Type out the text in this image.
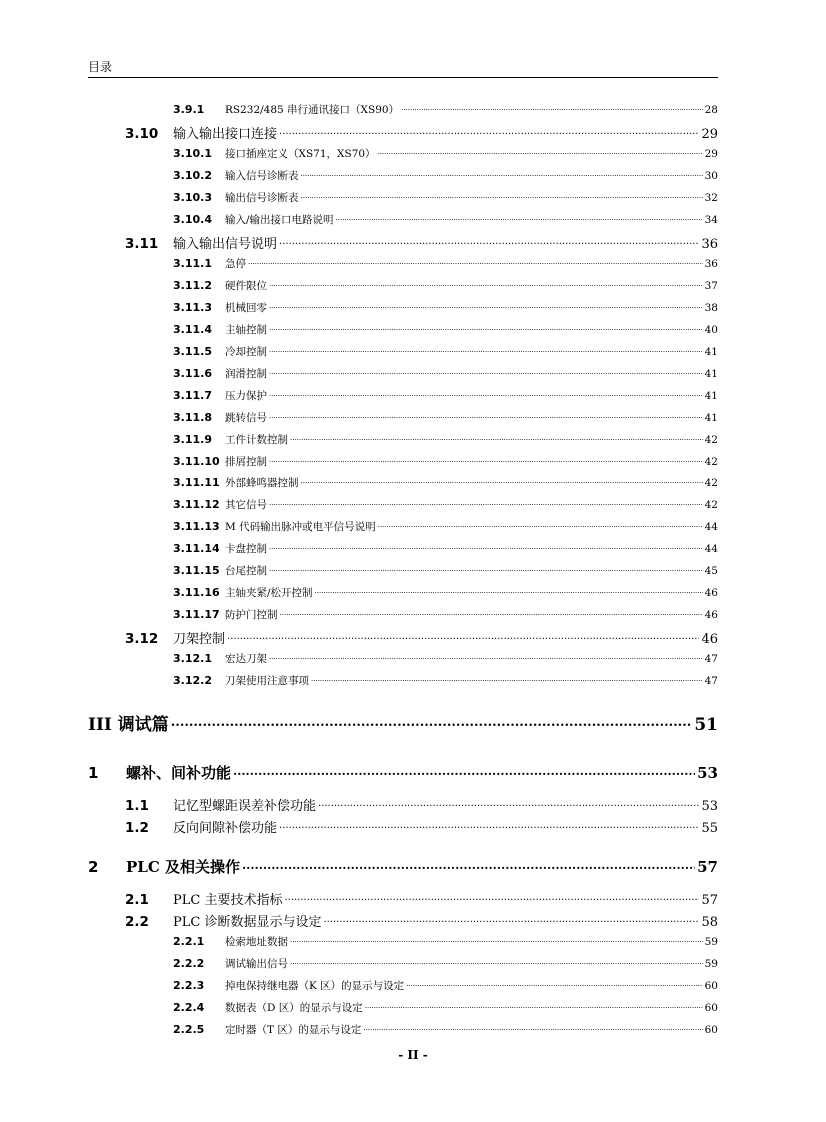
目录
3.9.1	RS232/485 串行通讯接口（XS90） .....	28
3.10	输入输出接口连接 .....	29
3.10.1	接口插座定义（XS71，XS70） .....	29
3.10.2	输入信号诊断表 .....	30
3.10.3	输出信号诊断表 .....	32
3.10.4	输入/输出接口电路说明 .....	34
3.11	输入输出信号说明 .....	36
3.11.1	急停 .....	36
3.11.2	硬件限位 .....	37
3.11.3	机械回零 .....	38
3.11.4	主轴控制 .....	40
3.11.5	冷却控制 .....	41
3.11.6	润滑控制 .....	41
3.11.7	压力保护 .....	41
3.11.8	跳转信号 .....	41
3.11.9	工件计数控制 .....	42
3.11.10 排屑控制 .....	42
3.11.11 外部蜂鸣器控制 .....	42
3.11.12 其它信号 .....	42
3.11.13 M 代码输出脉冲或电平信号说明 .....	44
3.11.14 卡盘控制 .....	44
3.11.15 台尾控制 .....	45
3.11.16 主轴夹紧/松开控制 .....	46
3.11.17 防护门控制 .....	46
3.12	刀架控制 .....	46
3.12.1	宏达刀架 .....	47
3.12.2	刀架使用注意事项 .....	47
III 调试篇 .....	51
1	螺补、间补功能 .....	53
1.1	记忆型螺距误差补偿功能 .....	53
1.2	反向间隙补偿功能 .....	55
2	PLC 及相关操作 .....	57
2.1	PLC 主要技术指标 .....	57
2.2	PLC 诊断数据显示与设定 .....	58
2.2.1	检索地址数据 .....	59
2.2.2	调试输出信号 .....	59
2.2.3	掉电保持继电器（K 区）的显示与设定 .....	60
2.2.4	数据表（D 区）的显示与设定 .....	60
2.2.5	定时器（T 区）的显示与设定 .....	60
- II -
